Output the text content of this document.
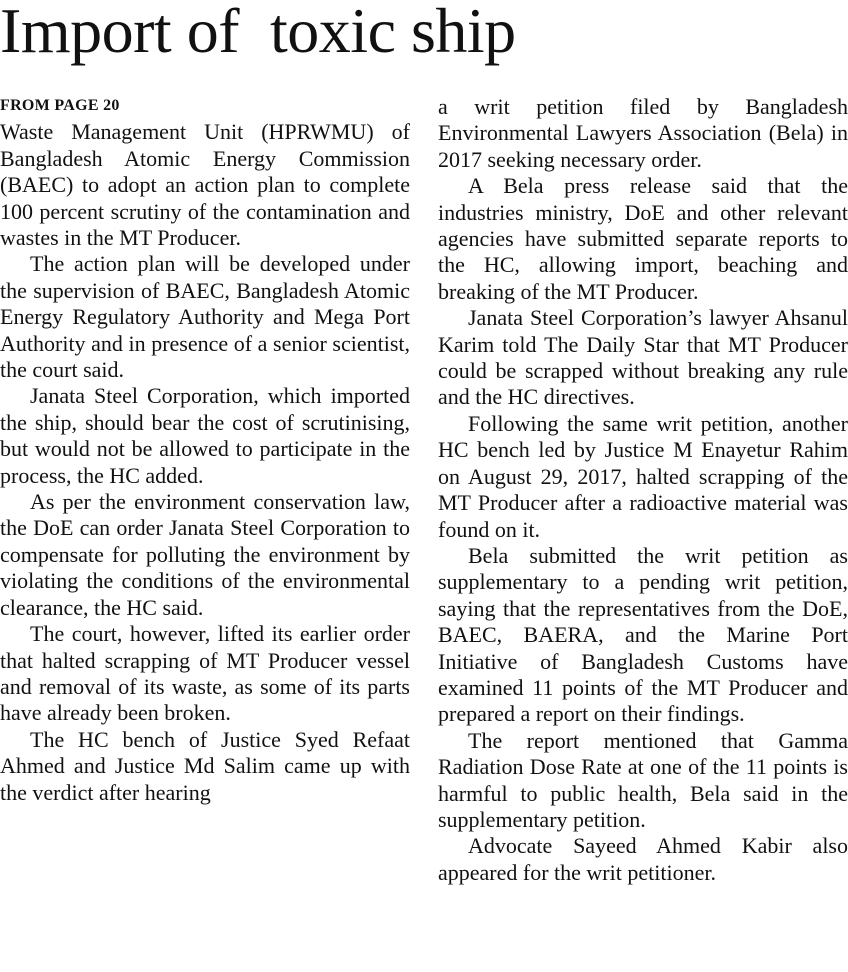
Import of  toxic ship
FROM PAGE 20

Waste Management Unit (HPRWMU) of Bangladesh Atomic Energy Commission (BAEC) to adopt an action plan to complete 100 percent scrutiny of the contamination and wastes in the MT Producer.

The action plan will be developed under the supervision of BAEC, Bangladesh Atomic Energy Regulatory Authority and Mega Port Authority and in presence of a senior scientist, the court said.

Janata Steel Corporation, which imported the ship, should bear the cost of scrutinising, but would not be allowed to participate in the process, the HC added.

As per the environment conservation law, the DoE can order Janata Steel Corporation to compensate for polluting the environment by violating the conditions of the environmental clearance, the HC said.

The court, however, lifted its earlier order that halted scrapping of MT Producer vessel and removal of its waste, as some of its parts have already been broken.

The HC bench of Justice Syed Refaat Ahmed and Justice Md Salim came up with the verdict after hearing

a writ petition filed by Bangladesh Environmental Lawyers Association (Bela) in 2017 seeking necessary order.

A Bela press release said that the industries ministry, DoE and other relevant agencies have submitted separate reports to the HC, allowing import, beaching and breaking of the MT Producer.

Janata Steel Corporation’s lawyer Ahsanul Karim told The Daily Star that MT Producer could be scrapped without breaking any rule and the HC directives.

Following the same writ petition, another HC bench led by Justice M Enayetur Rahim on August 29, 2017, halted scrapping of the MT Producer after a radioactive material was found on it.

Bela submitted the writ petition as supplementary to a pending writ petition, saying that the representatives from the DoE, BAEC, BAERA, and the Marine Port Initiative of Bangladesh Customs have examined 11 points of the MT Producer and prepared a report on their findings.

The report mentioned that Gamma Radiation Dose Rate at one of the 11 points is harmful to public health, Bela said in the supplementary petition.

Advocate Sayeed Ahmed Kabir also appeared for the writ petitioner.
